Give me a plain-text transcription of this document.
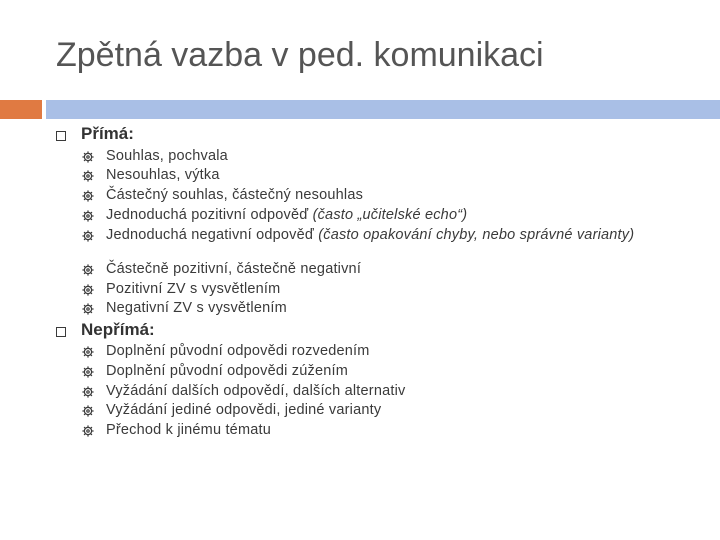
Zpětná vazba v ped. komunikaci
Přímá:
Souhlas, pochvala
Nesouhlas, výtka
Částečný souhlas, částečný nesouhlas
Jednoduchá pozitivní odpověď (často „učitelské echo“)
Jednoduchá negativní odpověď (často opakování chyby, nebo správné varianty)
Částečně pozitivní, částečně negativní
Pozitivní ZV s vysvětlením
Negativní ZV s vysvětlením
Nepřímá:
Doplnění původní odpovědi rozvedením
Doplnění původní odpovědi zúžením
Vyžádání dalších odpovědí, dalších alternativ
Vyžádání jediné odpovědi, jediné varianty
Přechod k jinému tématu
